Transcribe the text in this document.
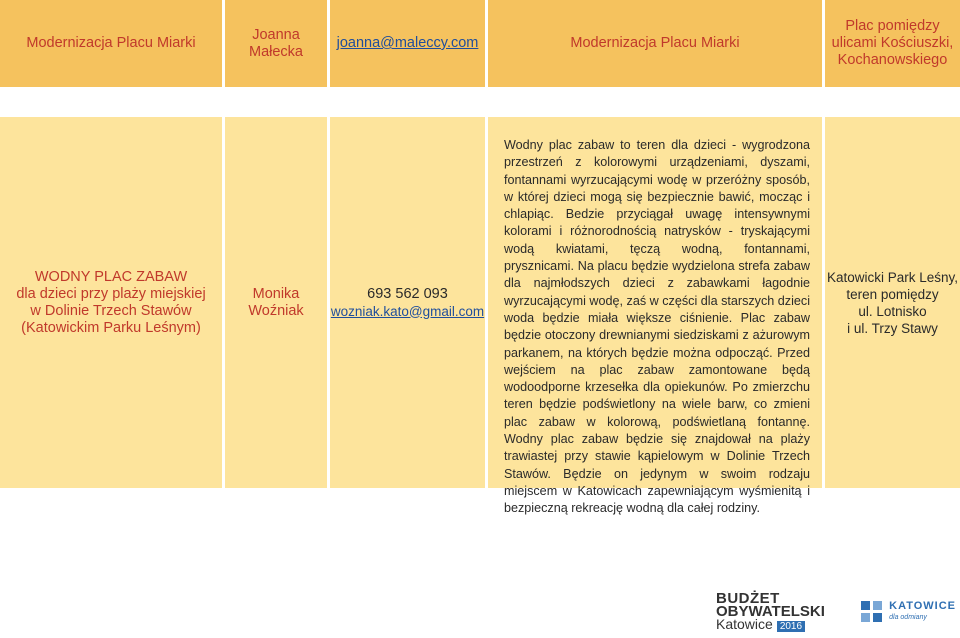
Modernizacja Placu Miarki
Joanna Małecka
joanna@maleccy.com	Modernizacja Placu Miarki
Plac pomiędzy ulicami Kościuszki, Kochanowskiego
WODNY PLAC ZABAW
dla dzieci przy plaży miejskiej
w Dolinie Trzech Stawów
(Katowickim Parku Leśnym)
Monika
Woźniak
693 562 093
wozniak.kato@gmail.com
Wodny plac zabaw to teren dla dzieci - wygrodzona przestrzeń z kolorowymi urządzeniami, dyszami, fontannami wyrzucającymi wodę w przeróżny sposób, w której dzieci mogą się bezpiecznie bawić, mocząc i chlapiąc. Bedzie przyciągał uwagę intensywnymi kolorami i różnorodnością natrysków - tryskającymi wodą kwiatami, tęczą wodną, fontannami, prysznicami. Na placu będzie wydzielona strefa zabaw dla najmłodszych dzieci z zabawkami łagodnie wyrzucającymi wodę, zaś w części dla starszych dzieci woda będzie miała większe ciśnienie. Plac zabaw będzie otoczony drewnianymi siedziskami z ażurowym parkanem, na których będzie można odpocząć. Przed wejściem na plac zabaw zamontowane będą wodoodporne krzesełka dla opiekunów. Po zmierzchu teren będzie podświetlony na wiele barw, co zmieni plac zabaw w kolorową, podświetlaną fontannę. Wodny plac zabaw będzie się znajdował na plaży trawiastej przy stawie kąpielowym w Dolinie Trzech Stawów. Będzie on jedynym w swoim rodzaju miejscem w Katowicach zapewniającym wyśmienitą i bezpieczną rekreację wodną dla całej rodziny.
Katowicki Park Leśny,
teren pomiędzy
ul. Lotnisko
i ul. Trzy Stawy
BUDŻET
OBYWATELSKI
Katowice 2016
KATOWICE
dla odmiany
